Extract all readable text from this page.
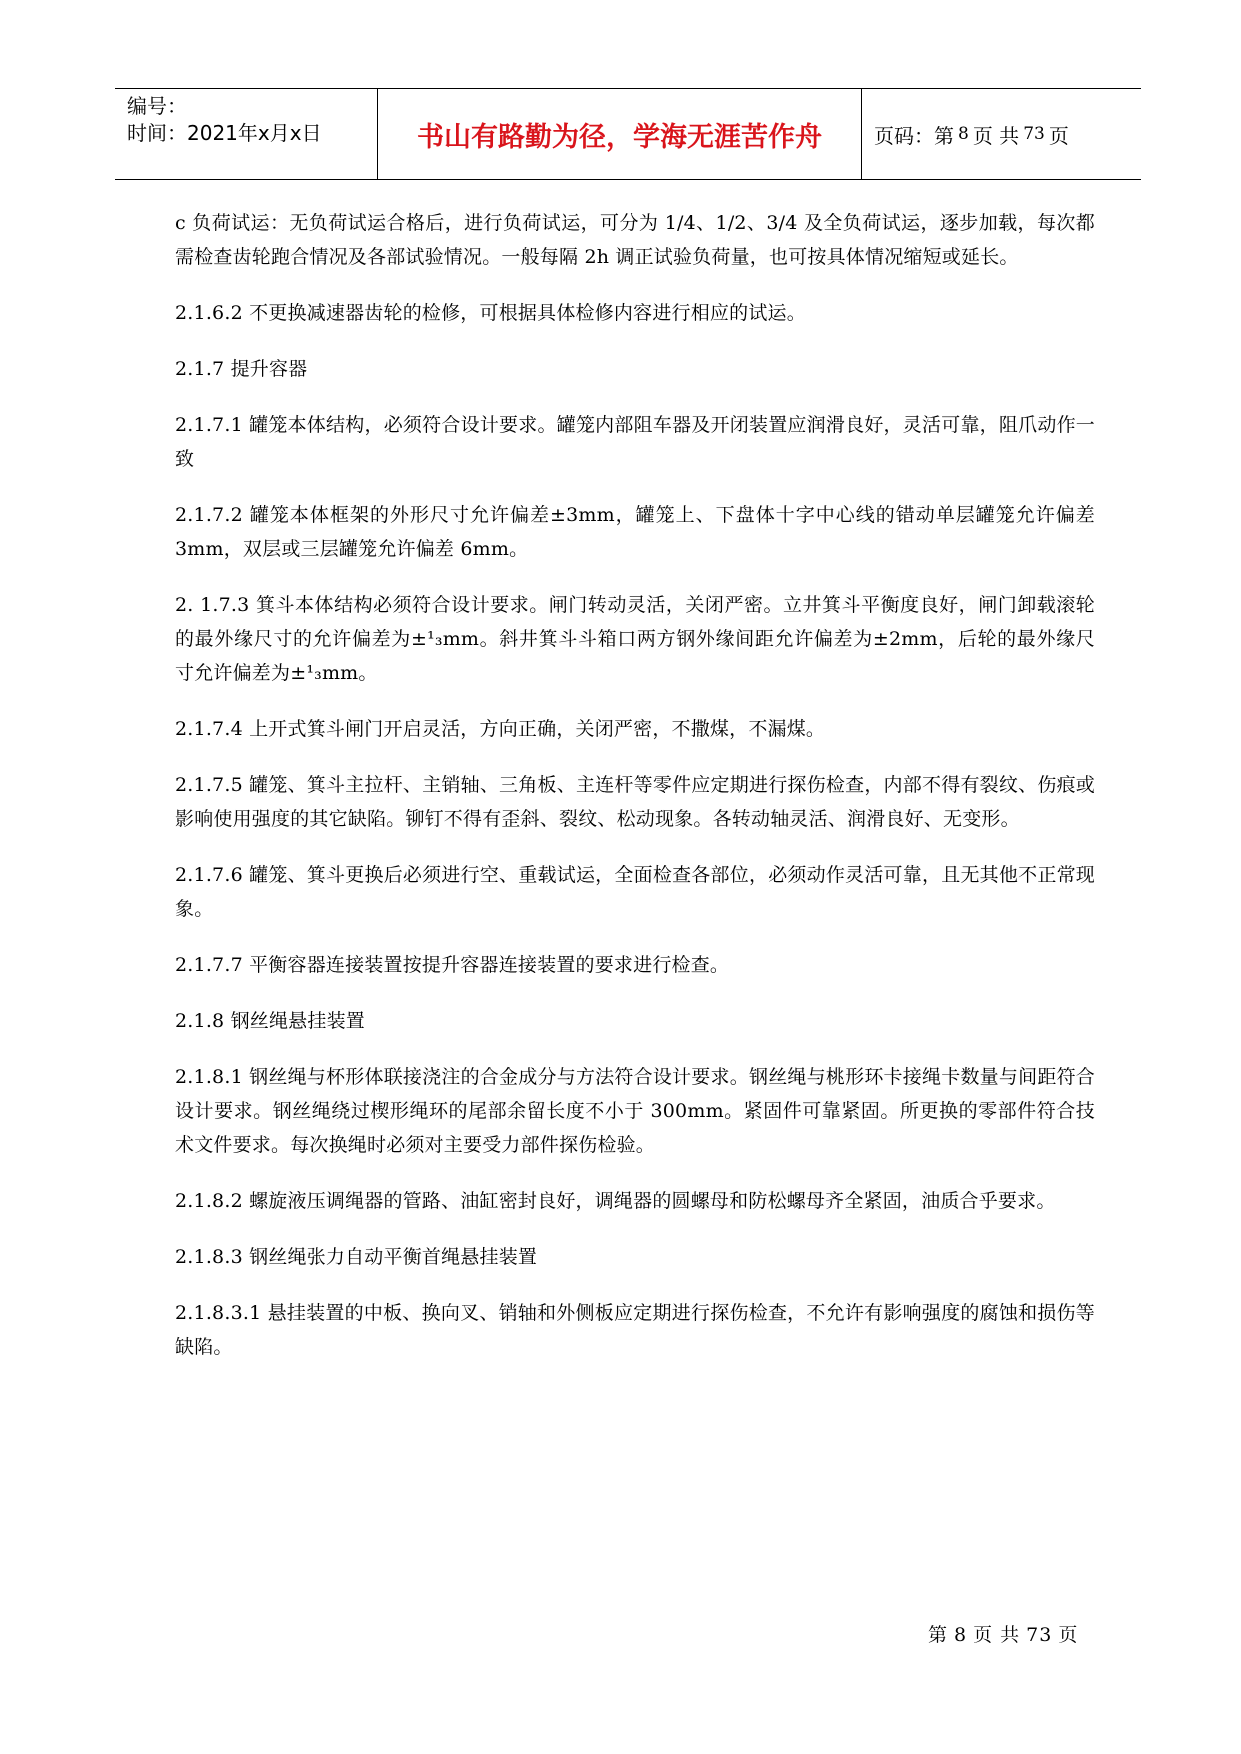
编号：
时间：2021年x月x日	书山有路勤为径，学海无涯苦作舟	页码：第 8 页 共 73 页

c 负荷试运：无负荷试运合格后，进行负荷试运，可分为 1/4、1/2、3/4 及全负荷试运，逐步加载，每次都需检查齿轮跑合情况及各部试验情况。一般每隔 2h 调正试验负荷量，也可按具体情况缩短或延长。

2.1.6.2 不更换减速器齿轮的检修，可根据具体检修内容进行相应的试运。

2.1.7 提升容器

2.1.7.1 罐笼本体结构，必须符合设计要求。罐笼内部阻车器及开闭装置应润滑良好，灵活可靠，阻爪动作一致

2.1.7.2 罐笼本体框架的外形尺寸允许偏差±3mm，罐笼上、下盘体十字中心线的错动单层罐笼允许偏差 3mm，双层或三层罐笼允许偏差 6mm。

2. 1.7.3 箕斗本体结构必须符合设计要求。闸门转动灵活，关闭严密。立井箕斗平衡度良好，闸门卸载滚轮的最外缘尺寸的允许偏差为±¹₃mm。斜井箕斗斗箱口两方钢外缘间距允许偏差为±2mm，后轮的最外缘尺寸允许偏差为±¹₃mm。

2.1.7.4 上开式箕斗闸门开启灵活，方向正确，关闭严密，不撒煤，不漏煤。

2.1.7.5 罐笼、箕斗主拉杆、主销轴、三角板、主连杆等零件应定期进行探伤检查，内部不得有裂纹、伤痕或影响使用强度的其它缺陷。铆钉不得有歪斜、裂纹、松动现象。各转动轴灵活、润滑良好、无变形。

2.1.7.6 罐笼、箕斗更换后必须进行空、重载试运，全面检查各部位，必须动作灵活可靠，且无其他不正常现象。

2.1.7.7 平衡容器连接装置按提升容器连接装置的要求进行检查。

2.1.8 钢丝绳悬挂装置

2.1.8.1 钢丝绳与杯形体联接浇注的合金成分与方法符合设计要求。钢丝绳与桃形环卡接绳卡数量与间距符合设计要求。钢丝绳绕过楔形绳环的尾部余留长度不小于 300mm。紧固件可靠紧固。所更换的零部件符合技术文件要求。每次换绳时必须对主要受力部件探伤检验。

2.1.8.2 螺旋液压调绳器的管路、油缸密封良好，调绳器的圆螺母和防松螺母齐全紧固，油质合乎要求。

2.1.8.3 钢丝绳张力自动平衡首绳悬挂装置

2.1.8.3.1 悬挂装置的中板、换向叉、销轴和外侧板应定期进行探伤检查，不允许有影响强度的腐蚀和损伤等缺陷。

第 8 页 共 73 页
